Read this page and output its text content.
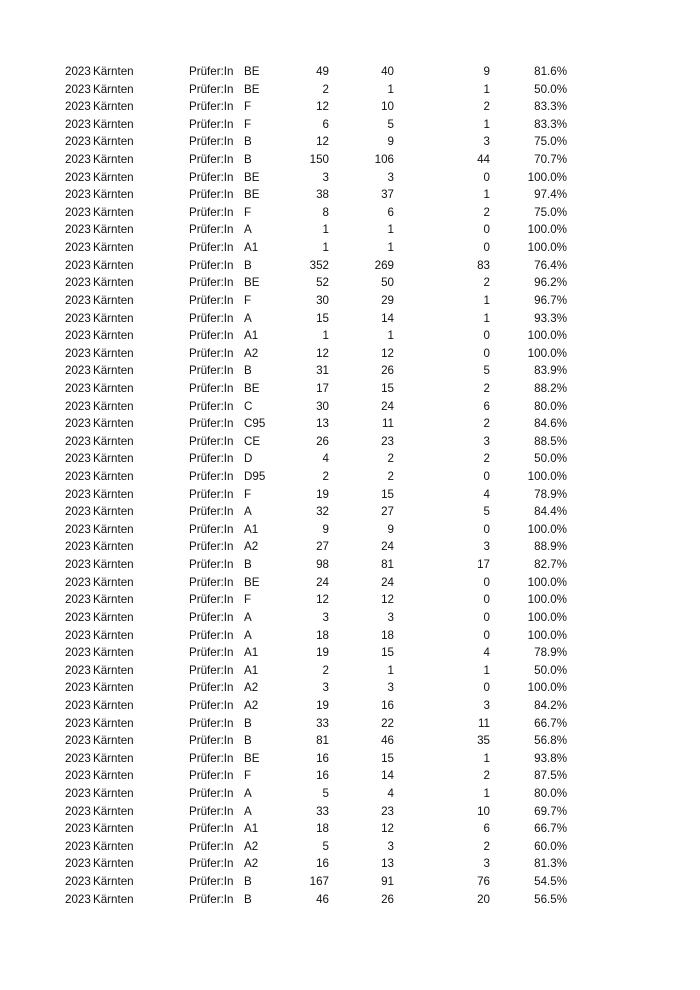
2023 Kärnten	Prüfer:In BE	49	40	9	81.6%
2023 Kärnten	Prüfer:In BE	2	1	1	50.0%
2023 Kärnten	Prüfer:In F	12	10	2	83.3%
2023 Kärnten	Prüfer:In F	6	5	1	83.3%
2023 Kärnten	Prüfer:In B	12	9	3	75.0%
2023 Kärnten	Prüfer:In B	150	106	44	70.7%
2023 Kärnten	Prüfer:In BE	3	3	0	100.0%
2023 Kärnten	Prüfer:In BE	38	37	1	97.4%
2023 Kärnten	Prüfer:In F	8	6	2	75.0%
2023 Kärnten	Prüfer:In A	1	1	0	100.0%
2023 Kärnten	Prüfer:In A1	1	1	0	100.0%
2023 Kärnten	Prüfer:In B	352	269	83	76.4%
2023 Kärnten	Prüfer:In BE	52	50	2	96.2%
2023 Kärnten	Prüfer:In F	30	29	1	96.7%
2023 Kärnten	Prüfer:In A	15	14	1	93.3%
2023 Kärnten	Prüfer:In A1	1	1	0	100.0%
2023 Kärnten	Prüfer:In A2	12	12	0	100.0%
2023 Kärnten	Prüfer:In B	31	26	5	83.9%
2023 Kärnten	Prüfer:In BE	17	15	2	88.2%
2023 Kärnten	Prüfer:In C	30	24	6	80.0%
2023 Kärnten	Prüfer:In C95	13	11	2	84.6%
2023 Kärnten	Prüfer:In CE	26	23	3	88.5%
2023 Kärnten	Prüfer:In D	4	2	2	50.0%
2023 Kärnten	Prüfer:In D95	2	2	0	100.0%
2023 Kärnten	Prüfer:In F	19	15	4	78.9%
2023 Kärnten	Prüfer:In A	32	27	5	84.4%
2023 Kärnten	Prüfer:In A1	9	9	0	100.0%
2023 Kärnten	Prüfer:In A2	27	24	3	88.9%
2023 Kärnten	Prüfer:In B	98	81	17	82.7%
2023 Kärnten	Prüfer:In BE	24	24	0	100.0%
2023 Kärnten	Prüfer:In F	12	12	0	100.0%
2023 Kärnten	Prüfer:In A	3	3	0	100.0%
2023 Kärnten	Prüfer:In A	18	18	0	100.0%
2023 Kärnten	Prüfer:In A1	19	15	4	78.9%
2023 Kärnten	Prüfer:In A1	2	1	1	50.0%
2023 Kärnten	Prüfer:In A2	3	3	0	100.0%
2023 Kärnten	Prüfer:In A2	19	16	3	84.2%
2023 Kärnten	Prüfer:In B	33	22	11	66.7%
2023 Kärnten	Prüfer:In B	81	46	35	56.8%
2023 Kärnten	Prüfer:In BE	16	15	1	93.8%
2023 Kärnten	Prüfer:In F	16	14	2	87.5%
2023 Kärnten	Prüfer:In A	5	4	1	80.0%
2023 Kärnten	Prüfer:In A	33	23	10	69.7%
2023 Kärnten	Prüfer:In A1	18	12	6	66.7%
2023 Kärnten	Prüfer:In A2	5	3	2	60.0%
2023 Kärnten	Prüfer:In A2	16	13	3	81.3%
2023 Kärnten	Prüfer:In B	167	91	76	54.5%
2023 Kärnten	Prüfer:In B	46	26	20	56.5%
